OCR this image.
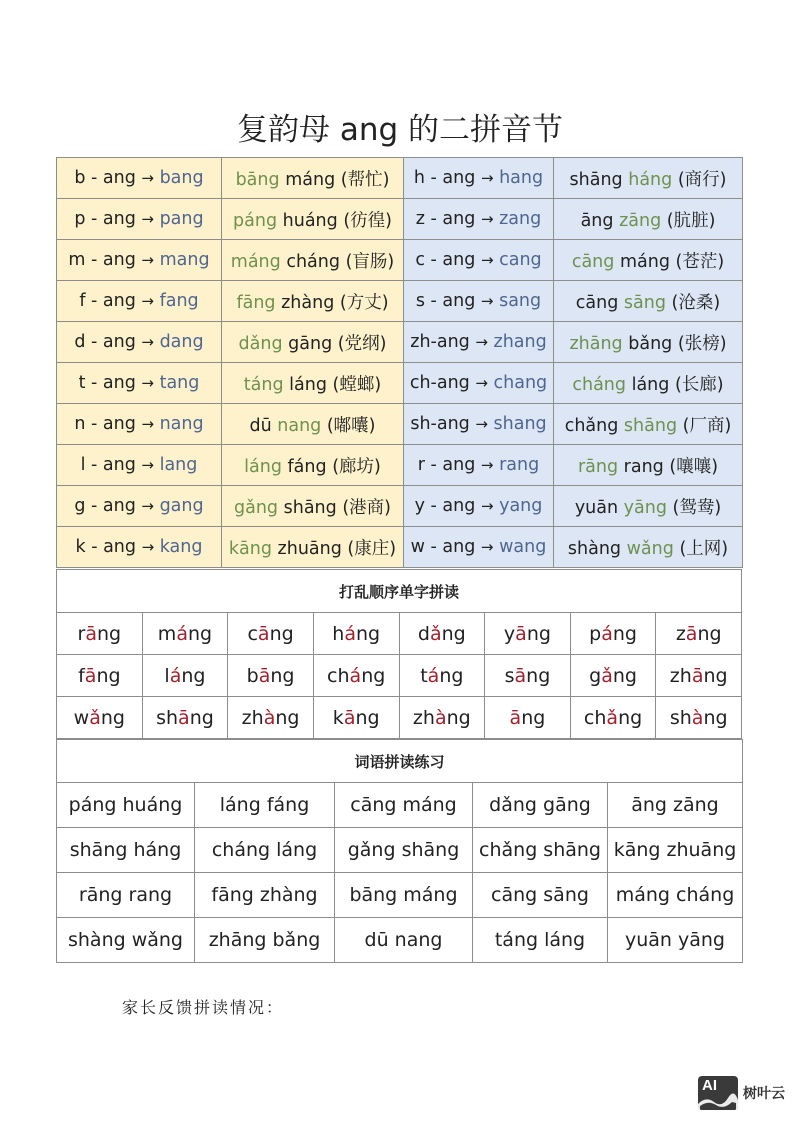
复韵母 ang 的二拼音节
b - ang → bang	bāng máng (帮忙)	h - ang → hang	shāng háng (商行)
p - ang → pang	páng huáng (彷徨)	z - ang → zang	āng zāng (肮脏)
m - ang → mang	máng cháng (盲肠)	c - ang → cang	cāng máng (苍茫)
f - ang → fang	fāng zhàng (方丈)	s - ang → sang	cāng sāng (沧桑)
d - ang → dang	dǎng gāng (党纲)	zh-ang → zhang	zhāng bǎng (张榜)
t - ang → tang	táng láng (螳螂)	ch-ang → chang	cháng láng (长廊)
n - ang → nang	dū nang (嘟囔)	sh-ang → shang	chǎng shāng (厂商)
l - ang → lang	láng fáng (廊坊)	r - ang → rang	rāng rang (嚷嚷)
g - ang → gang	gǎng shāng (港商)	y - ang → yang	yuān yāng (鸳鸯)
k - ang → kang	kāng zhuāng (康庄)	w - ang → wang	shàng wǎng (上网)
打乱顺序单字拼读							
rāng	máng	cāng	háng	dǎng	yāng	páng	zāng
fāng	láng	bāng	cháng	táng	sāng	gǎng	zhāng
wǎng	shāng	zhàng	kāng	zhàng	āng	chǎng	shàng
词语拼读练习				
páng huáng	láng fáng	cāng máng	dǎng gāng	āng zāng
shāng háng	cháng láng	gǎng shāng	chǎng shāng	kāng zhuāng
rāng rang	fāng zhàng	bāng máng	cāng sāng	máng cháng
shàng wǎng	zhāng bǎng	dū nang	táng láng	yuān yāng
家长反馈拼读情况：
AI 树叶云
